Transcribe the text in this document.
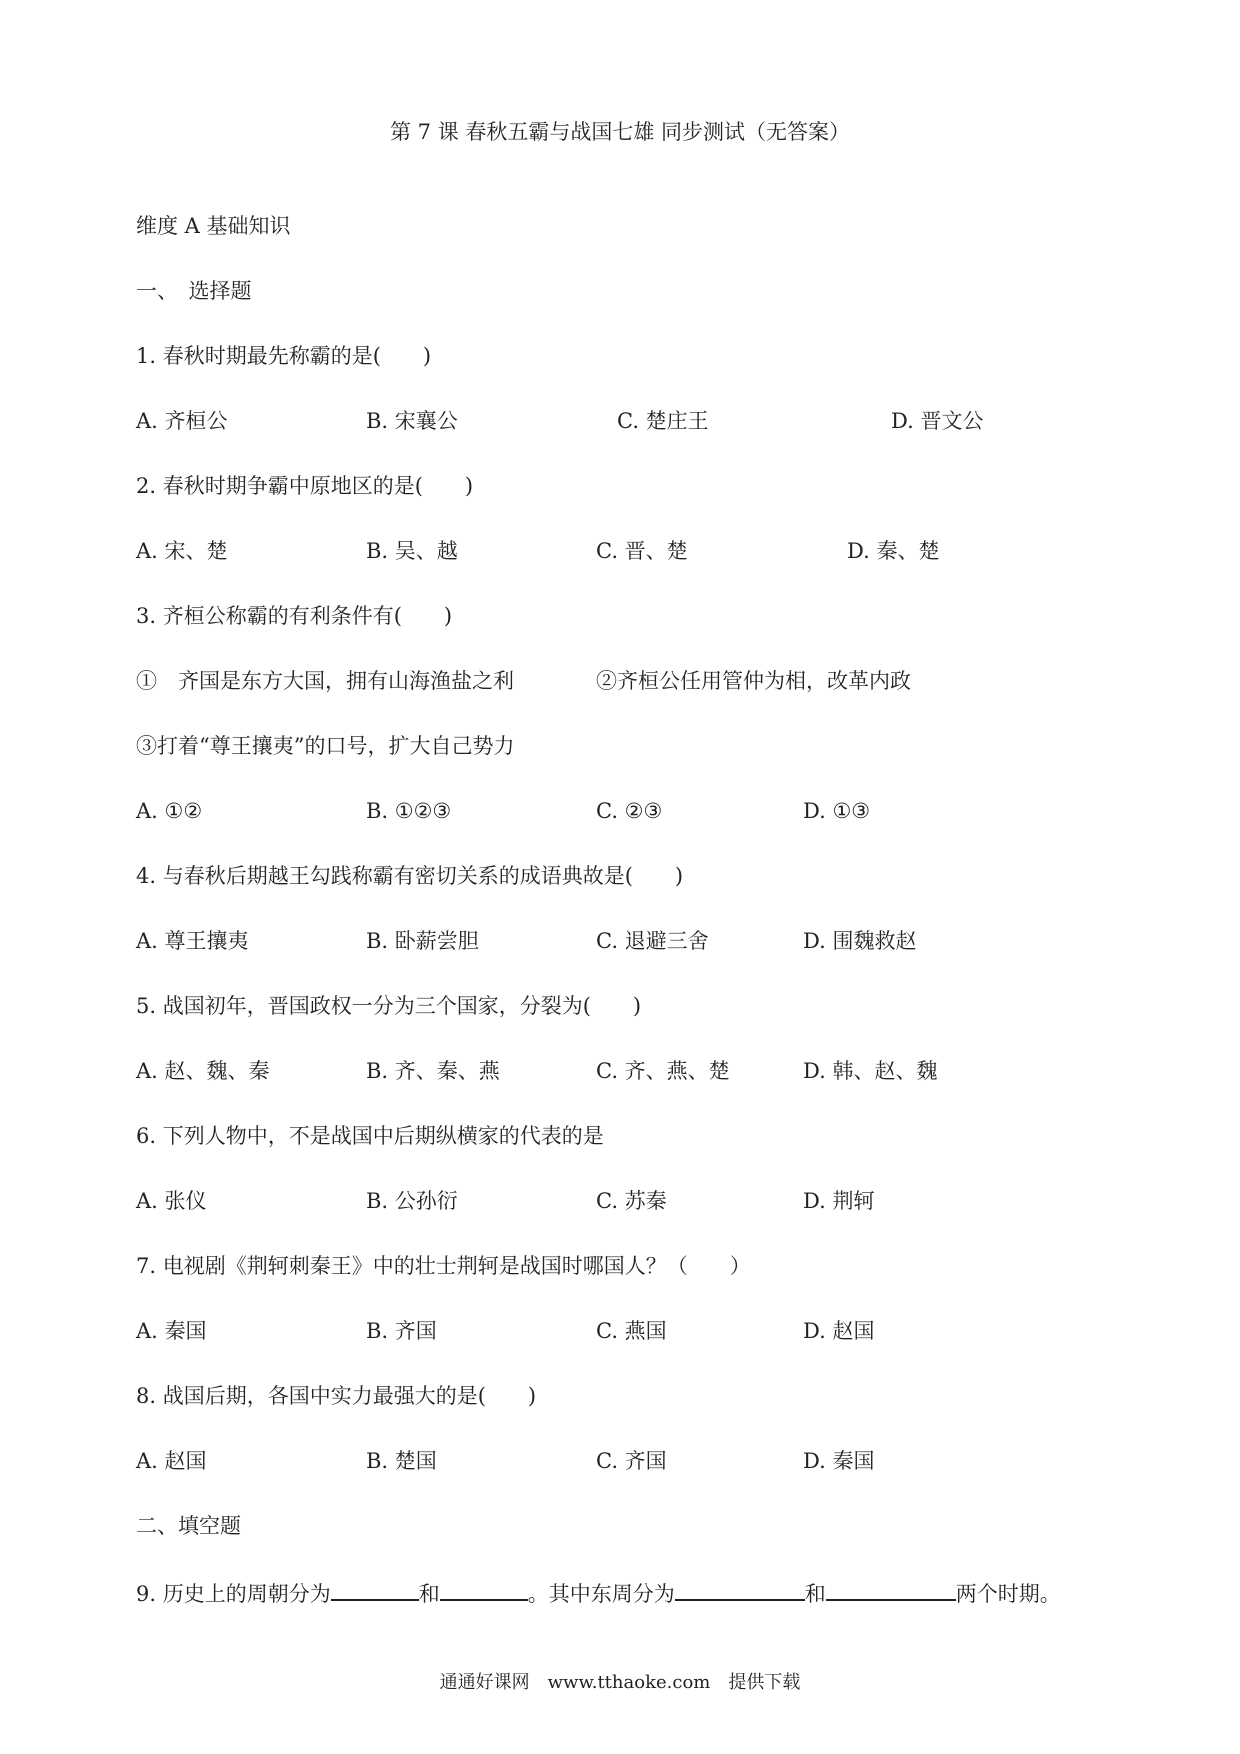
第 7 课 春秋五霸与战国七雄 同步测试（无答案）
维度 A 基础知识
一、　选择题
1. 春秋时期最先称霸的是(　　)
A. 齐桓公	B. 宋襄公	C. 楚庄王	D. 晋文公
2. 春秋时期争霸中原地区的是(　　)
A. 宋、楚	B. 吴、越	C. 晋、楚	D. 秦、楚
3. 齐桓公称霸的有利条件有(　　)
①　齐国是东方大国，拥有山海渔盐之利	②齐桓公任用管仲为相，改革内政
③打着“尊王攘夷”的口号，扩大自己势力
A. ①②	B. ①②③	C. ②③	D. ①③
4. 与春秋后期越王勾践称霸有密切关系的成语典故是(　　)
A. 尊王攘夷	B. 卧薪尝胆	C. 退避三舍	D. 围魏救赵
5. 战国初年，晋国政权一分为三个国家，分裂为(　　)
A. 赵、魏、秦	B. 齐、秦、燕	C. 齐、燕、楚	D. 韩、赵、魏
6. 下列人物中，不是战国中后期纵横家的代表的是
A. 张仪	B. 公孙衍	C. 苏秦	D. 荆轲
7. 电视剧《荆轲刺秦王》中的壮士荆轲是战国时哪国人？（　　）
A. 秦国	B. 齐国	C. 燕国	D. 赵国
8. 战国后期，各国中实力最强大的是(　　)
A. 赵国	B. 楚国	C. 齐国	D. 秦国
二、填空题
9. 历史上的周朝分为	和	。其中东周分为	和	两个时期。
通通好课网　www.tthaoke.com　提供下载
